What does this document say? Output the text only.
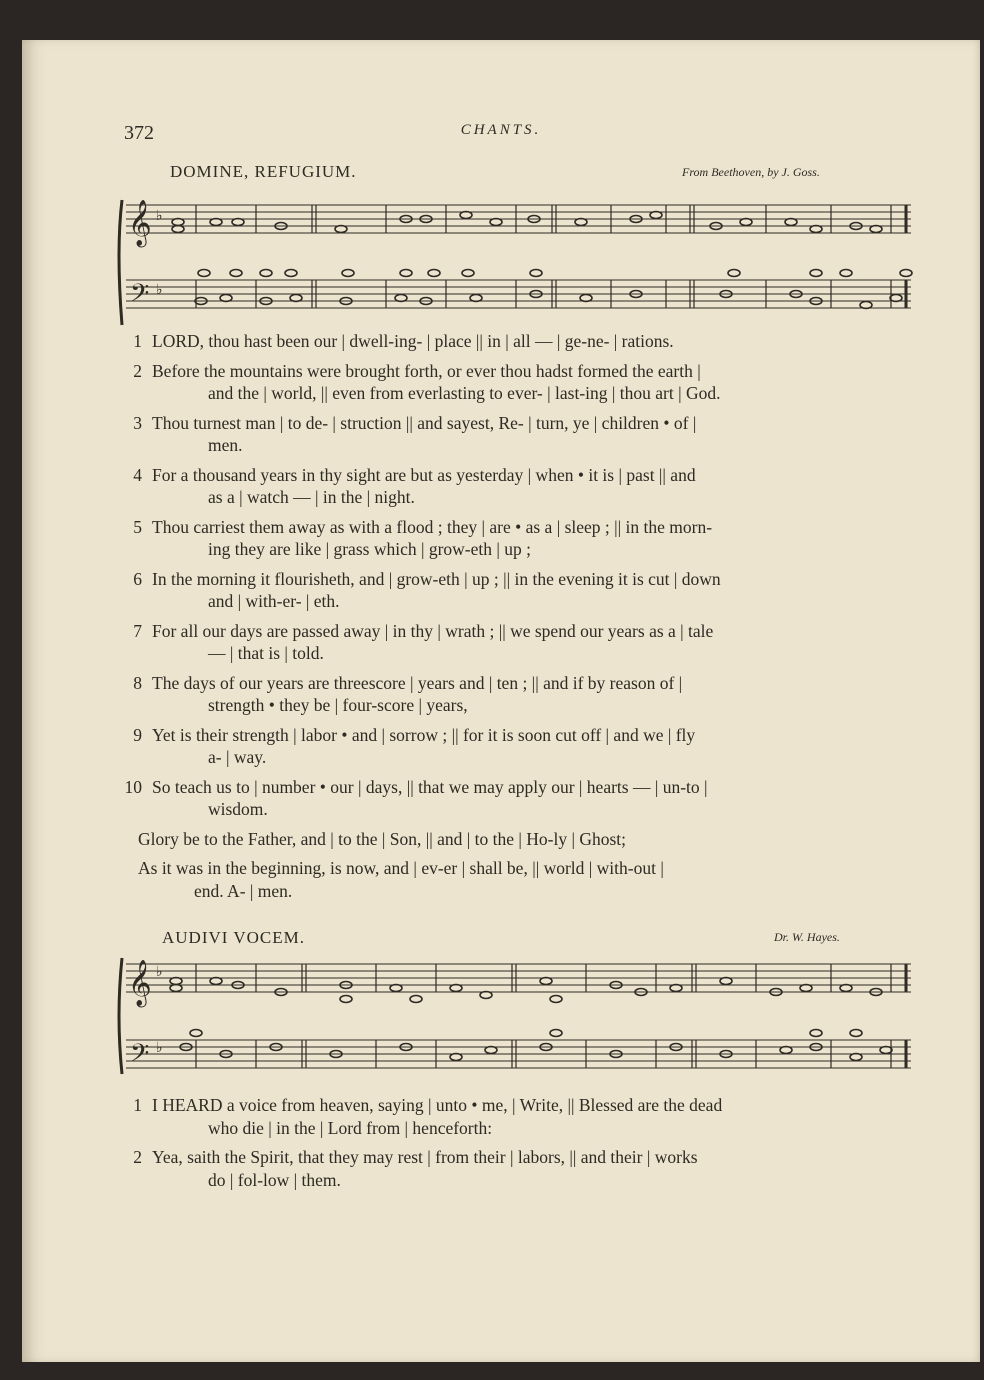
372	CHANTS.
DOMINE, REFUGIUM.	From Beethoven, by J. Goss.
𝄞
𝄢
♭
♭
1 LORD, thou hast been our | dwell-ing- | place || in | all — | ge-ne- | rations.
2 Before the mountains were brought forth, or ever thou hadst formed the earth |
and the | world, || even from everlasting to ever- | last-ing | thou art | God.
3 Thou turnest man | to de- | struction || and sayest, Re- | turn, ye | children • of |
men.
4 For a thousand years in thy sight are but as yesterday | when • it is | past || and
as a | watch — | in the | night.
5 Thou carriest them away as with a flood ; they | are • as a | sleep ; || in the morn-
ing they are like | grass which | grow-eth | up ;
6 In the morning it flourisheth, and | grow-eth | up ; || in the evening it is cut | down
and | with-er- | eth.
7 For all our days are passed away | in thy | wrath ; || we spend our years as a | tale
— | that is | told.
8 The days of our years are threescore | years and | ten ; || and if by reason of |
strength • they be | four-score | years,
9 Yet is their strength | labor • and | sorrow ; || for it is soon cut off | and we | fly
a- | way.
10 So teach us to | number • our | days, || that we may apply our | hearts — | un-to |
wisdom.
Glory be to the Father, and | to the | Son, || and | to the | Ho-ly | Ghost;
As it was in the beginning, is now, and | ev-er | shall be, || world | with-out |
end. A- | men.
AUDIVI VOCEM.	Dr. W. Hayes.
𝄞
𝄢
♭
♭
1 I HEARD a voice from heaven, saying | unto • me, | Write, || Blessed are the dead
who die | in the | Lord from | henceforth:
2 Yea, saith the Spirit, that they may rest | from their | labors, || and their | works
do | fol-low | them.
